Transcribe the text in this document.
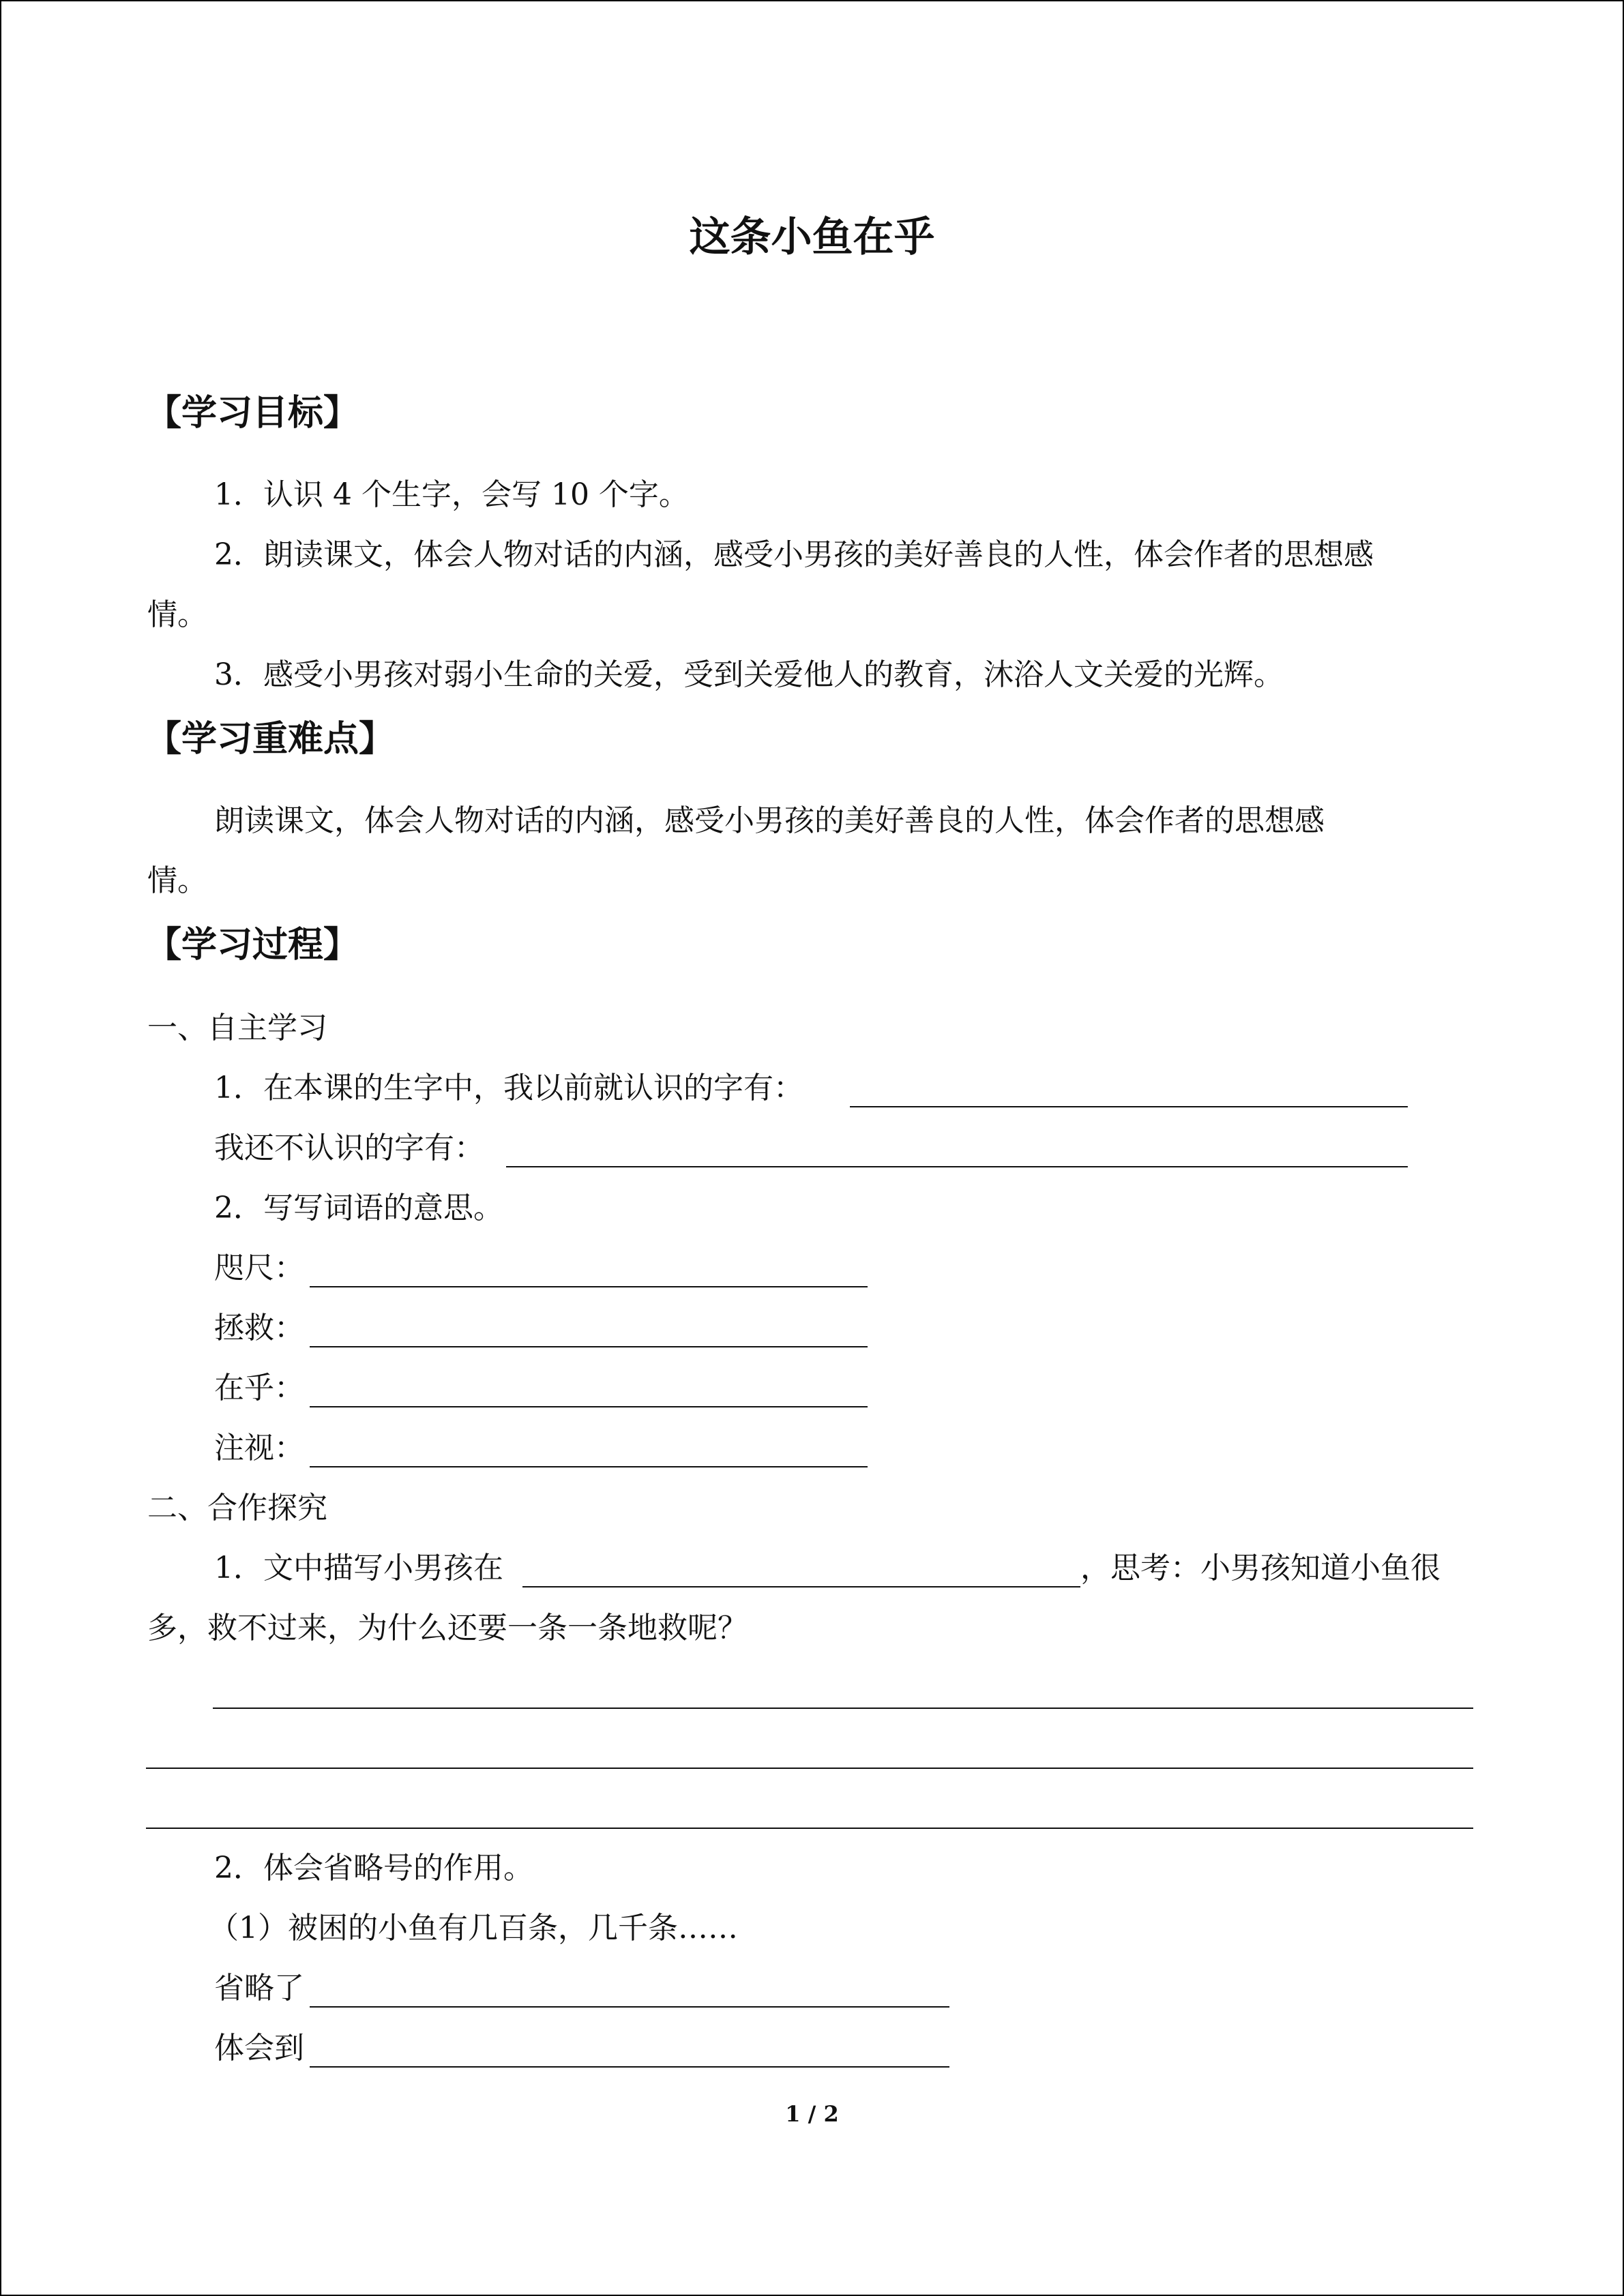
这条小鱼在乎
【学习目标】
1．认识 4 个生字，会写 10 个字。
2．朗读课文，体会人物对话的内涵，感受小男孩的美好善良的人性，体会作者的思想感
情。
3．感受小男孩对弱小生命的关爱，受到关爱他人的教育，沐浴人文关爱的光辉。
【学习重难点】
朗读课文，体会人物对话的内涵，感受小男孩的美好善良的人性，体会作者的思想感
情。
【学习过程】
一、自主学习
1．在本课的生字中，我以前就认识的字有：
我还不认识的字有：
2．写写词语的意思。
咫尺：
拯救：
在乎：
注视：
二、合作探究
1．文中描写小男孩在	，思考：小男孩知道小鱼很
多，救不过来，为什么还要一条一条地救呢？
2．体会省略号的作用。
（1）被困的小鱼有几百条，几千条……
省略了
体会到
1 / 2
